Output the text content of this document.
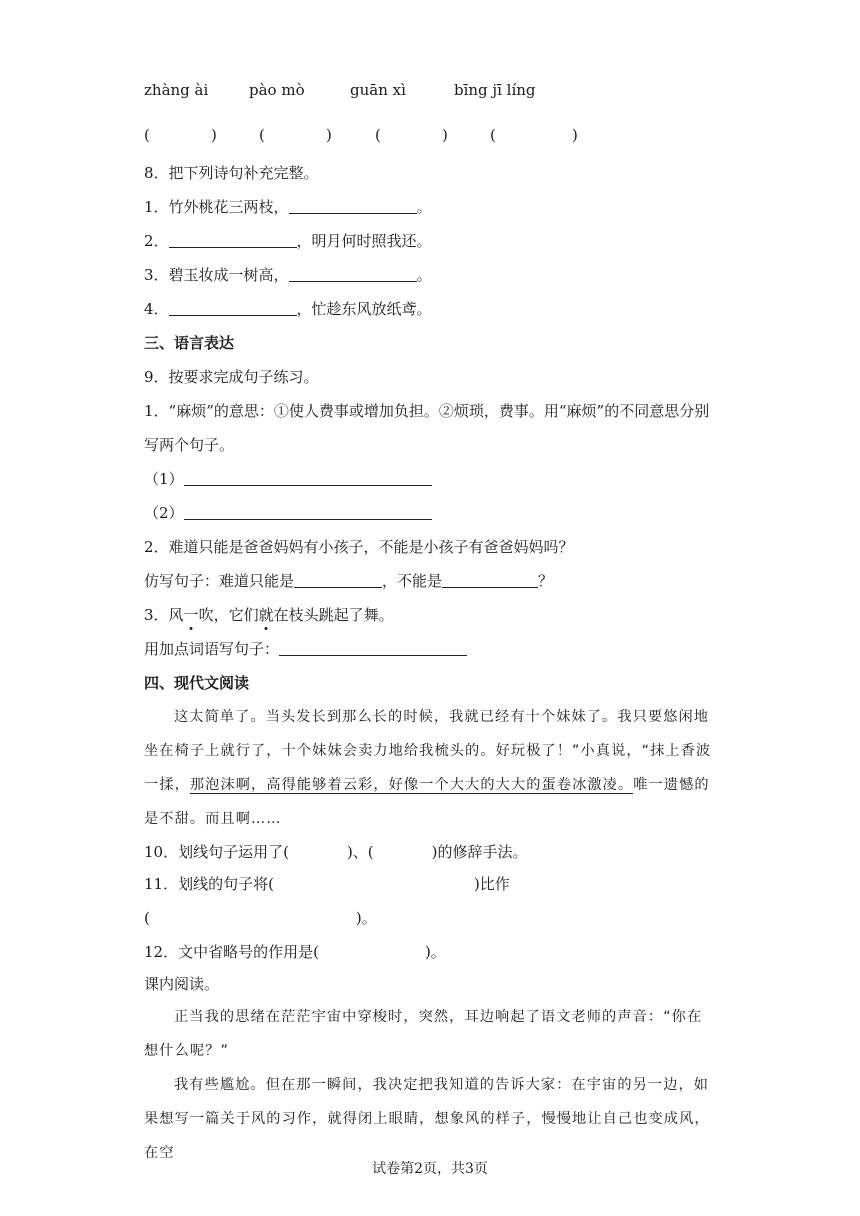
zhàng ài	pào mò	guān xì	bīng jī líng
(	)	(	)	(	)	(	)
8．把下列诗句补充完整。
1．竹外桃花三两枝，	。
2．	，明月何时照我还。
3．碧玉妆成一树高，	。
4．	，忙趁东风放纸鸢。
三、语言表达
9．按要求完成句子练习。
1．“麻烦”的意思：①使人费事或增加负担。②烦琐，费事。用“麻烦”的不同意思分别
写两个句子。
（1）
（2）
2．难道只能是爸爸妈妈有小孩子，不能是小孩子有爸爸妈妈吗？
仿写句子：难道只能是	，不能是	？
3．风一吹，它们就在枝头跳起了舞。
用加点词语写句子：
四、现代文阅读
这太简单了。当头发长到那么长的时候，我就已经有十个妹妹了。我只要悠闲地坐在椅子上就行了，十个妹妹会卖力地给我梳头的。好玩极了！”小真说，“抹上香波一揉，那泡沫啊，高得能够着云彩，好像一个大大的大大的蛋卷冰激凌。唯一遗憾的是不甜。而且啊……
10．划线句子运用了(	)、(	)的修辞手法。
11．划线的句子将(	)比作
(	)。
12．文中省略号的作用是(	)。
课内阅读。
正当我的思绪在茫茫宇宙中穿梭时，突然，耳边响起了语文老师的声音：“你在想什么呢？”
我有些尴尬。但在那一瞬间，我决定把我知道的告诉大家：在宇宙的另一边，如果想写一篇关于风的习作，就得闭上眼睛，想象风的样子，慢慢地让自己也变成风，在空
试卷第2页，共3页
